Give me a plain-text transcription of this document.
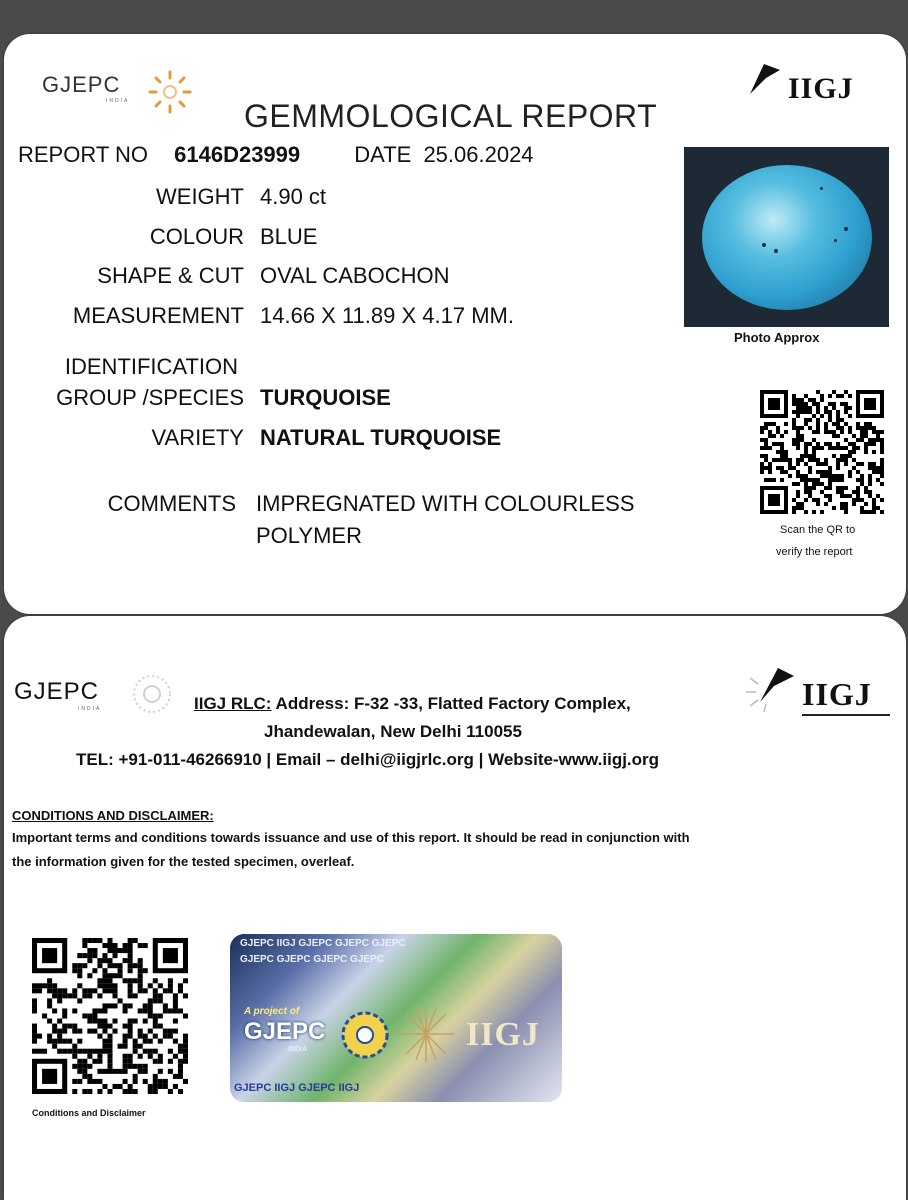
GJEPC
INDIA	IIGJ
GEMMOLOGICAL REPORT
REPORT NO 6146D23999 DATE 25.06.2024
WEIGHT 4.90 ct
COLOUR BLUE
SHAPE & CUT OVAL CABOCHON
MEASUREMENT 14.66 X 11.89 X 4.17 MM.
IDENTIFICATION
GROUP /SPECIES TURQUOISE
VARIETY NATURAL TURQUOISE
COMMENTS IMPREGNATED WITH COLOURLESS
POLYMER
Photo Approx
Scan the QR to
verify the report
GJEPC
INDIA	IIGJ
IIGJ RLC: Address: F-32 -33, Flatted Factory Complex,
Jhandewalan, New Delhi 110055
TEL: +91-011-46266910 | Email – delhi@iigjrlc.org | Website-www.iigj.org
CONDITIONS AND DISCLAIMER:
Important terms and conditions towards issuance and use of this report. It should be read in conjunction with
the information given for the tested specimen, overleaf.
Conditions and Disclaimer
GJEPC IIGJ GJEPC GJEPC GJEPC
GJEPC GJEPC GJEPC GJEPC
A project of
GJEPC
INDIA	IIGJ
GJEPC IIGJ GJEPC IIGJ
